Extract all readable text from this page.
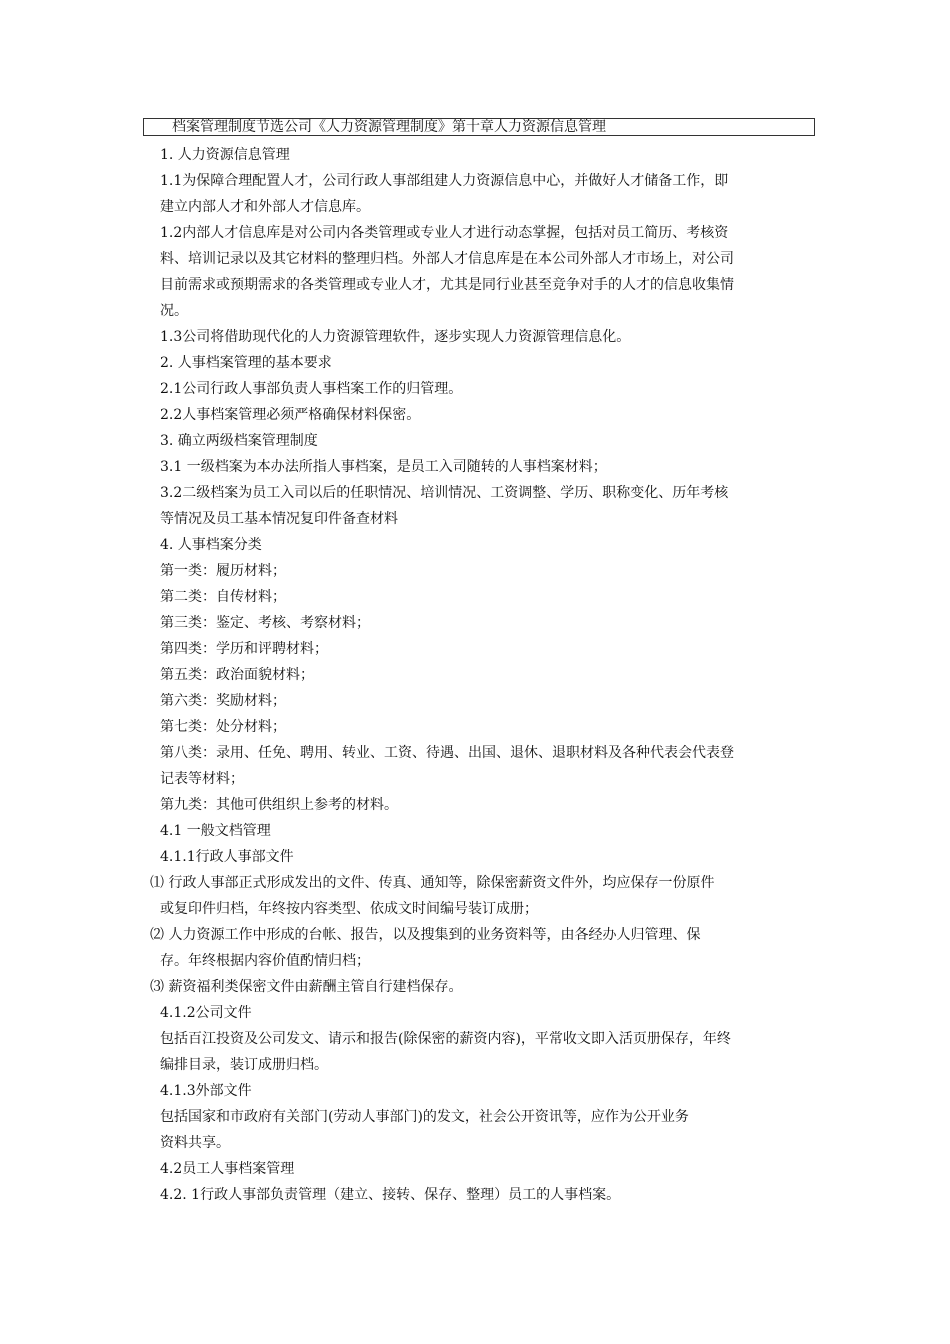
档案管理制度节选公司《人力资源管理制度》第十章人力资源信息管理

1. 人力资源信息管理

1.1为保障合理配置人才，公司行政人事部组建人力资源信息中心，并做好人才储备工作，即

建立内部人才和外部人才信息库。

1.2内部人才信息库是对公司内各类管理或专业人才进行动态掌握，包括对员工简历、考核资

料、培训记录以及其它材料的整理归档。外部人才信息库是在本公司外部人才市场上，对公司

目前需求或预期需求的各类管理或专业人才，尤其是同行业甚至竞争对手的人才的信息收集情

况。

1.3公司将借助现代化的人力资源管理软件，逐步实现人力资源管理信息化。

2. 人事档案管理的基本要求

2.1公司行政人事部负责人事档案工作的归管理。

2.2人事档案管理必须严格确保材料保密。

3. 确立两级档案管理制度

3.1 一级档案为本办法所指人事档案，是员工入司随转的人事档案材料；

3.2二级档案为员工入司以后的任职情况、培训情况、工资调整、学历、职称变化、历年考核

等情况及员工基本情况复印件备查材料

4. 人事档案分类

第一类：履历材料；

第二类：自传材料；

第三类：鉴定、考核、考察材料；

第四类：学历和评聘材料；

第五类：政治面貌材料；

第六类：奖励材料；

第七类：处分材料；

第八类：录用、任免、聘用、转业、工资、待遇、出国、退休、退职材料及各种代表会代表登

记表等材料；

第九类：其他可供组织上参考的材料。

4.1 一般文档管理

4.1.1行政人事部文件

⑴ 行政人事部正式形成发出的文件、传真、通知等，除保密薪资文件外，均应保存一份原件

或复印件归档，年终按内容类型、依成文时间编号装订成册；

⑵ 人力资源工作中形成的台帐、报告，以及搜集到的业务资料等，由各经办人归管理、保

存。年终根据内容价值酌情归档；

⑶ 薪资福利类保密文件由薪酬主管自行建档保存。

4.1.2公司文件

包括百江投资及公司发文、请示和报告(除保密的薪资内容)，平常收文即入活页册保存，年终

编排目录，装订成册归档。

4.1.3外部文件

包括国家和市政府有关部门(劳动人事部门)的发文，社会公开资讯等，应作为公开业务

资料共享。

4.2员工人事档案管理

4.2. 1行政人事部负责管理（建立、接转、保存、整理）员工的人事档案。
